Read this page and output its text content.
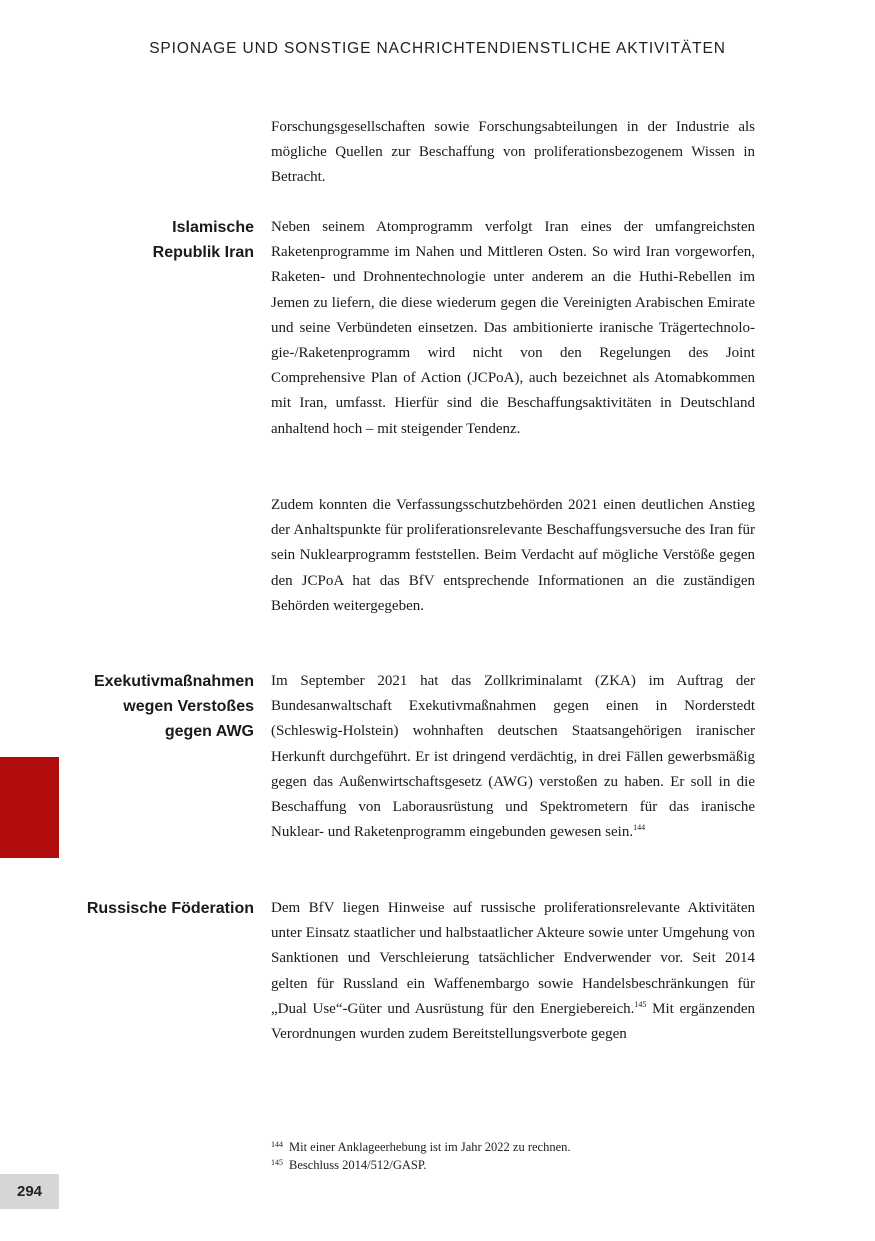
SPIONAGE UND SONSTIGE NACHRICHTENDIENSTLICHE AKTIVITÄTEN

Forschungsgesellschaften sowie Forschungsabteilungen in der Industrie als mögliche Quellen zur Beschaffung von proliferationsbezogenem Wissen in Betracht.

Islamische
Republik Iran

Neben seinem Atomprogramm verfolgt Iran eines der umfangreichsten Raketenprogramme im Nahen und Mittleren Osten. So wird Iran vorgeworfen, Raketen- und Drohnentechnologie unter anderem an die Huthi-Rebellen im Jemen zu liefern, die diese wiederum gegen die Vereinigten Arabischen Emirate und seine Verbündeten einsetzen. Das ambitionierte iranische Trägertechnologie-/Raketenprogramm wird nicht von den Regelungen des Joint Comprehensive Plan of Action (JCPoA), auch bezeichnet als Atomabkommen mit Iran, umfasst. Hierfür sind die Beschaffungsaktivitäten in Deutschland anhaltend hoch – mit steigender Tendenz.

Zudem konnten die Verfassungsschutzbehörden 2021 einen deutlichen Anstieg der Anhaltspunkte für proliferationsrelevante Beschaffungsversuche des Iran für sein Nuklearprogramm feststellen. Beim Verdacht auf mögliche Verstöße gegen den JCPoA hat das BfV entsprechende Informationen an die zuständigen Behörden weitergegeben.

Exekutivmaßnahmen
wegen Verstoßes
gegen AWG

Im September 2021 hat das Zollkriminalamt (ZKA) im Auftrag der Bundesanwaltschaft Exekutivmaßnahmen gegen einen in Norderstedt (Schleswig-Holstein) wohnhaften deutschen Staatsangehörigen iranischer Herkunft durchgeführt. Er ist dringend verdächtig, in drei Fällen gewerbsmäßig gegen das Außenwirtschaftsgesetz (AWG) verstoßen zu haben. Er soll in die Beschaffung von Laborausrüstung und Spektrometern für das iranische Nuklear- und Raketenprogramm eingebunden gewesen sein.$^{144}$

Russische Föderation Dem BfV liegen Hinweise auf russische proliferationsrelevante Aktivitäten unter Einsatz staatlicher und halbstaatlicher Akteure sowie unter Umgehung von Sanktionen und Verschleierung tatsächlicher Endverwender vor. Seit 2014 gelten für Russland ein Waffenembargo sowie Handelsbeschränkungen für „Dual Use“-Güter und Ausrüstung für den Energiebereich.$^{145}$ Mit ergänzenden Verordnungen wurden zudem Bereitstellungsverbote gegen

$^{144}$ Mit einer Anklageerhebung ist im Jahr 2022 zu rechnen.
$^{145}$ Beschluss 2014/512/GASP.
294
